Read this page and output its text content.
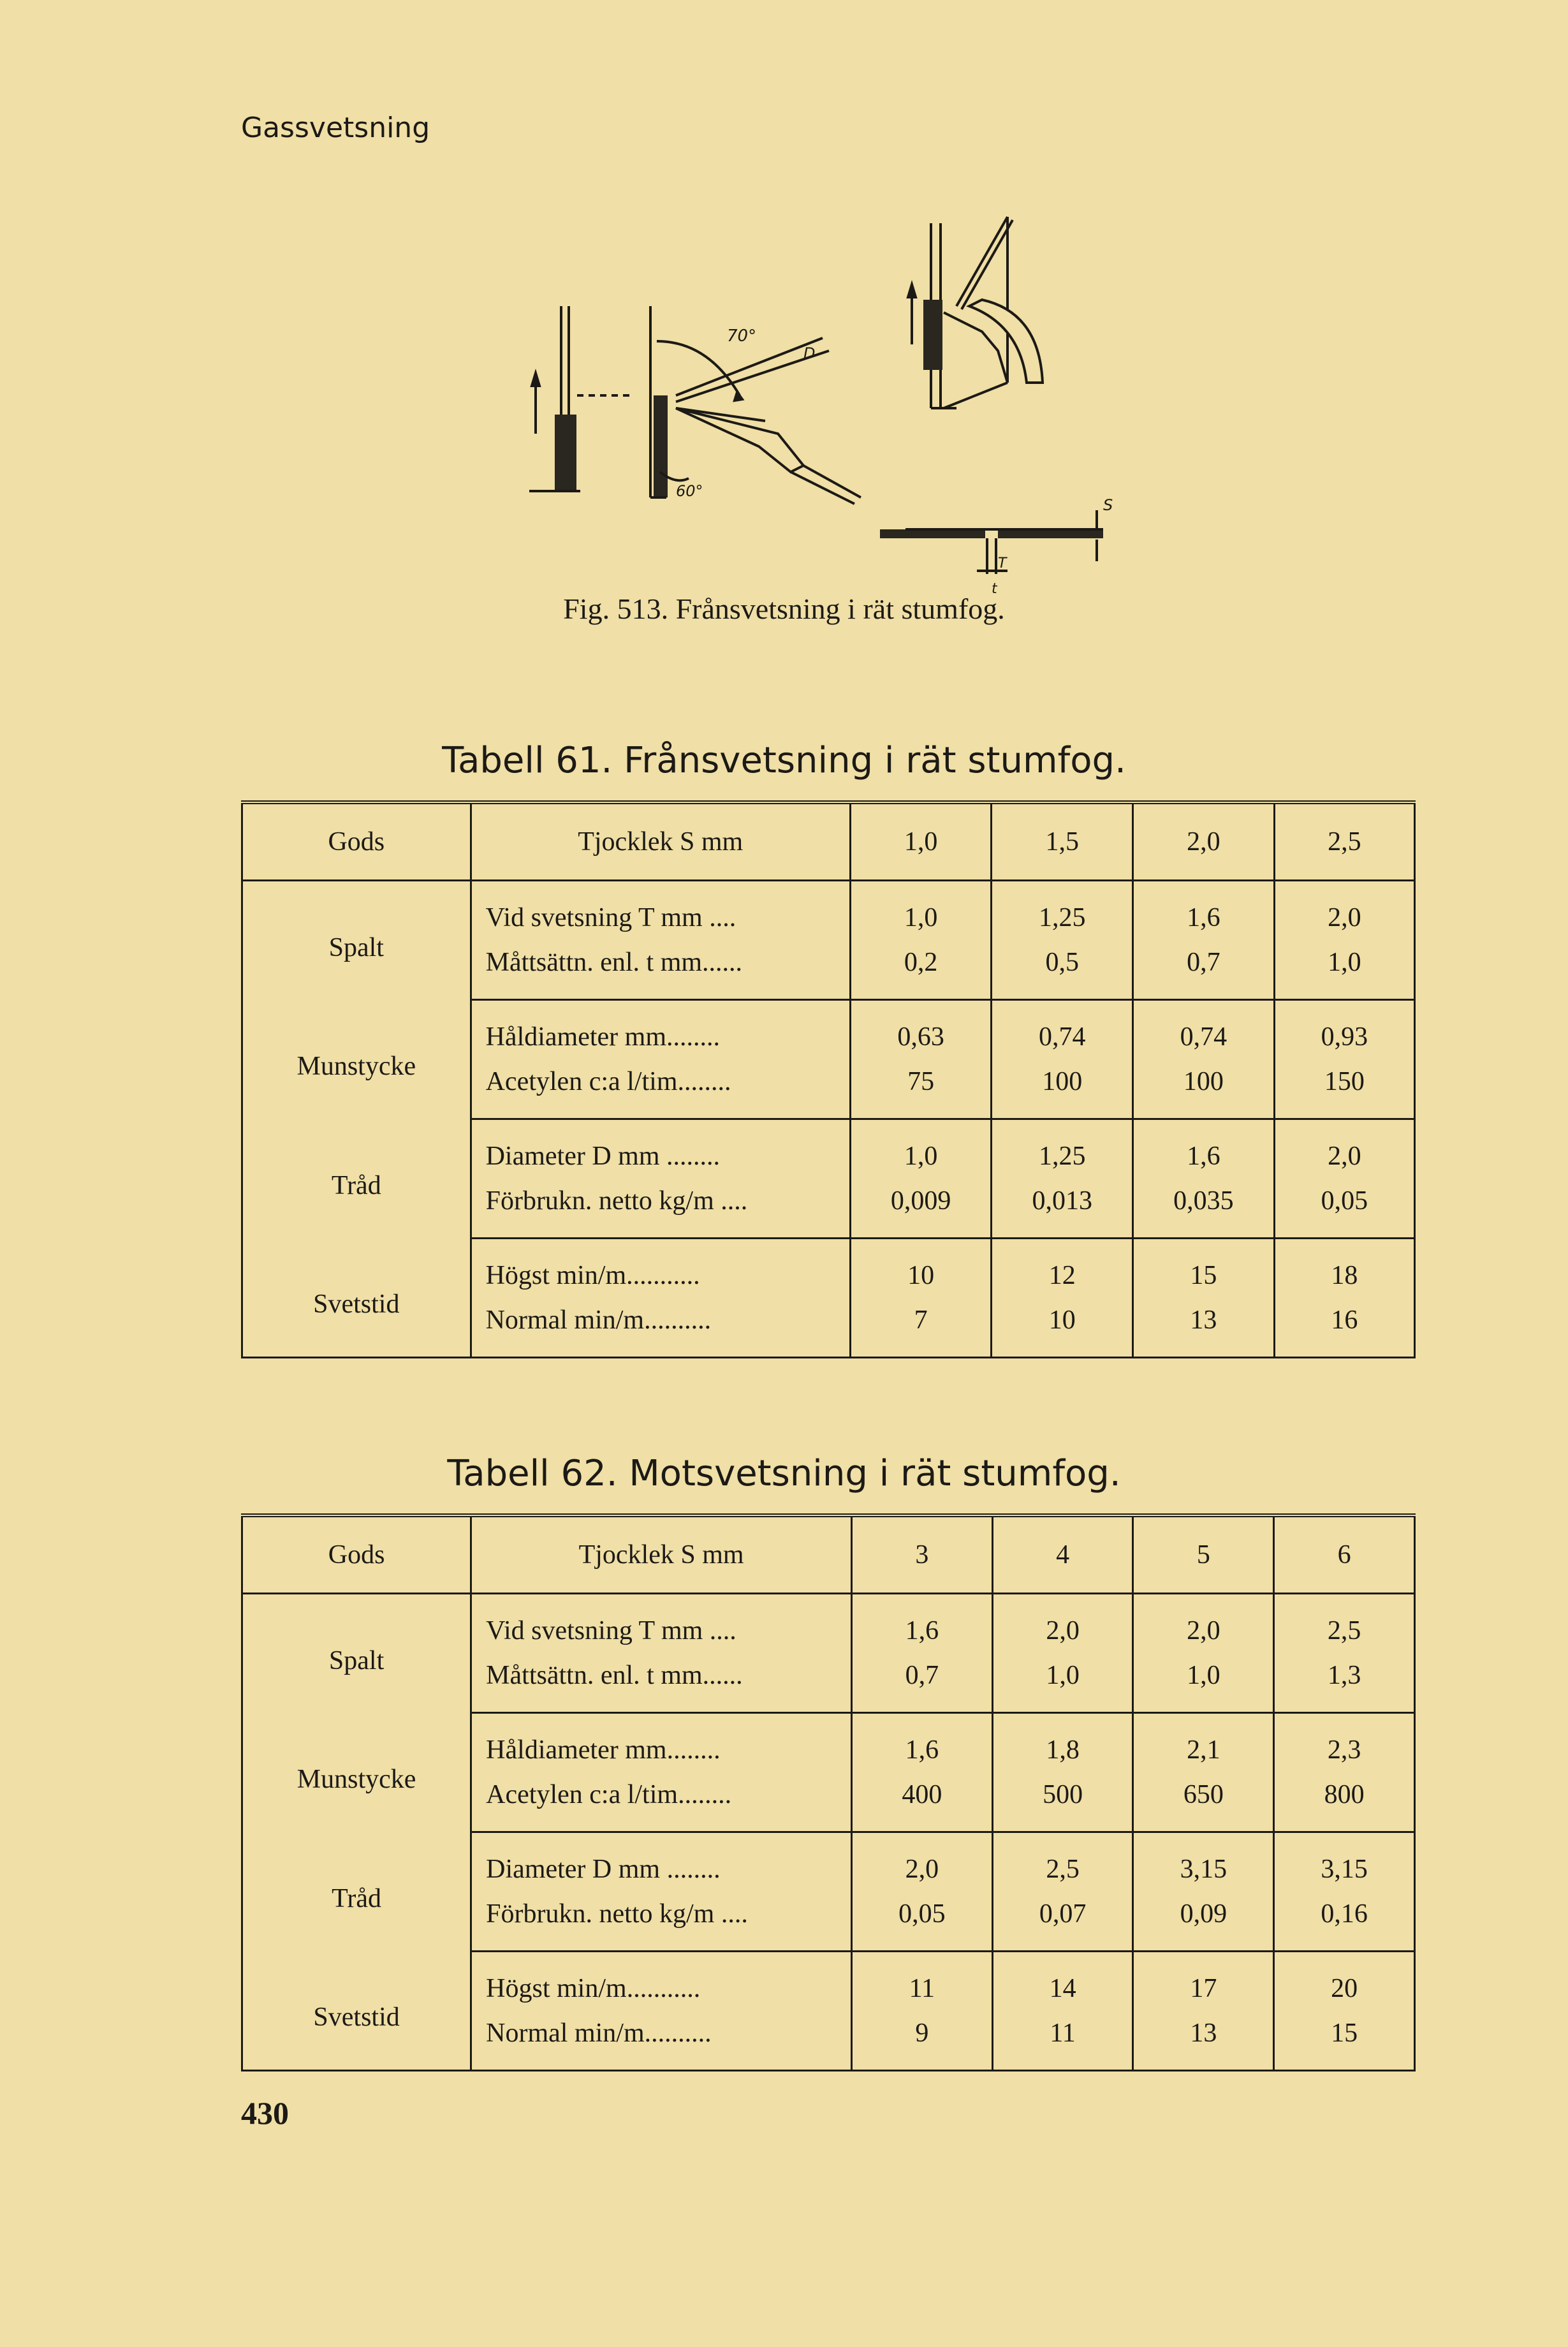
Gassvetsning
70°
D
60°
S
T
t
Fig. 513. Frånsvetsning i rät stumfog.
Tabell 61. Frånsvetsning i rät stumfog.
Gods	Tjocklek S mm	1,0	1,5	2,0	2,5
Spalt	Vid svetsning T mm ....	1,0	1,25	1,6	2,0
	Måttsättn. enl. t mm......	0,2	0,5	0,7	1,0
Munstycke	Håldiameter mm........	0,63	0,74	0,74	0,93
	Acetylen c:a l/tim........	75	100	100	150
Tråd	Diameter D mm ........	1,0	1,25	1,6	2,0
	Förbrukn. netto kg/m ....	0,009	0,013	0,035	0,05
Svetstid	Högst min/m...........	10	12	15	18
	Normal min/m..........	7	10	13	16
Tabell 62. Motsvetsning i rät stumfog.
Gods	Tjocklek S mm	3	4	5	6
Spalt	Vid svetsning T mm ....	1,6	2,0	2,0	2,5
	Måttsättn. enl. t mm......	0,7	1,0	1,0	1,3
Munstycke	Håldiameter mm........	1,6	1,8	2,1	2,3
	Acetylen c:a l/tim........	400	500	650	800
Tråd	Diameter D mm ........	2,0	2,5	3,15	3,15
	Förbrukn. netto kg/m ....	0,05	0,07	0,09	0,16
Svetstid	Högst min/m...........	11	14	17	20
	Normal min/m..........	9	11	13	15
430
